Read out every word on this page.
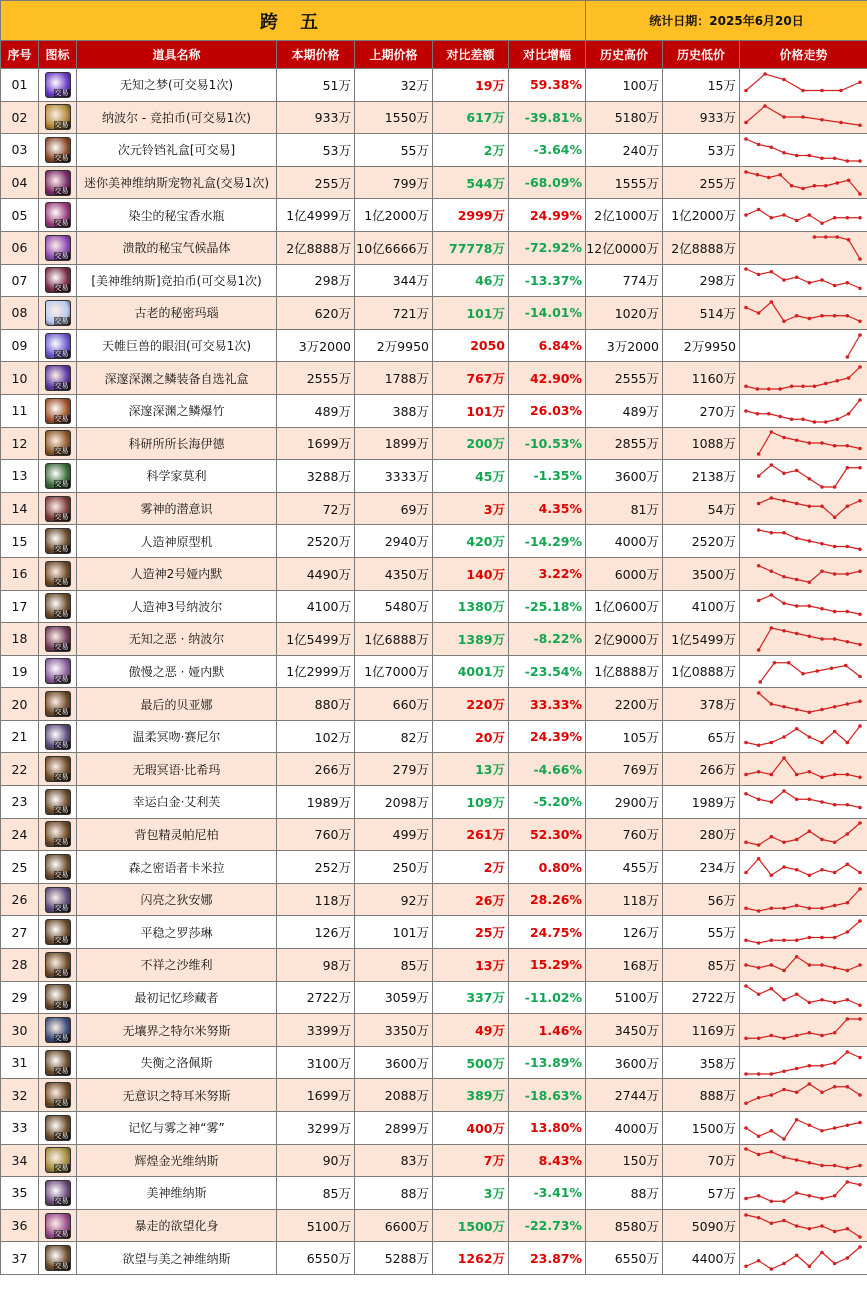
跨 五							统计日期：2025年6月20日		
序号	图标	道具名称	本期价格	上期价格	对比差额	对比增幅	历史高价	历史低价	价格走势
01	交易	无知之梦(可交易1次)	51万	32万	19万	59.38%	100万	15万	

02	交易	纳波尔 - 竞拍币(可交易1次)	933万	1550万	617万	-39.81%	5180万	933万	

03	交易	次元铃铛礼盒[可交易]	53万	55万	2万	-3.64%	240万	53万	

04	交易	迷你美神维纳斯宠物礼盒(交易1次)	255万	799万	544万	-68.09%	1555万	255万	

05	交易	染尘的秘宝香水瓶	1亿4999万	1亿2000万	2999万	24.99%	2亿1000万	1亿2000万	

06	交易	溃散的秘宝气候晶体	2亿8888万	10亿6666万	77778万	-72.92%	12亿0000万	2亿8888万	

07	交易	[美神维纳斯]竞拍币(可交易1次)	298万	344万	46万	-13.37%	774万	298万	

08	交易	古老的秘密玛瑙	620万	721万	101万	-14.01%	1020万	514万	

09	交易	天帷巨兽的眼泪(可交易1次)	3万2000	2万9950	2050	6.84%	3万2000	2万9950	

10	交易	深邃深渊之鳞装备自选礼盒	2555万	1788万	767万	42.90%	2555万	1160万	

11	交易	深邃深渊之鳞爆竹	489万	388万	101万	26.03%	489万	270万	

12	交易	科研所所长海伊德	1699万	1899万	200万	-10.53%	2855万	1088万	

13	交易	科学家莫利	3288万	3333万	45万	-1.35%	3600万	2138万	

14	交易	雾神的潜意识	72万	69万	3万	4.35%	81万	54万	

15	交易	人造神原型机	2520万	2940万	420万	-14.29%	4000万	2520万	

16	交易	人造神2号娅内默	4490万	4350万	140万	3.22%	6000万	3500万	

17	交易	人造神3号纳波尔	4100万	5480万	1380万	-25.18%	1亿0600万	4100万	

18	交易	无知之恶 · 纳波尔	1亿5499万	1亿6888万	1389万	-8.22%	2亿9000万	1亿5499万	

19	交易	傲慢之恶 · 娅内默	1亿2999万	1亿7000万	4001万	-23.54%	1亿8888万	1亿0888万	

20	交易	最后的贝亚娜	880万	660万	220万	33.33%	2200万	378万	

21	交易	温柔冥吻·赛尼尔	102万	82万	20万	24.39%	105万	65万	

22	交易	无瑕冥语·比希玛	266万	279万	13万	-4.66%	769万	266万	

23	交易	幸运白金·艾利芙	1989万	2098万	109万	-5.20%	2900万	1989万	

24	交易	背包精灵帕尼柏	760万	499万	261万	52.30%	760万	280万	

25	交易	森之密语者卡米拉	252万	250万	2万	0.80%	455万	234万	

26	交易	闪亮之狄安娜	118万	92万	26万	28.26%	118万	56万	

27	交易	平稳之罗莎琳	126万	101万	25万	24.75%	126万	55万	

28	交易	不祥之沙维利	98万	85万	13万	15.29%	168万	85万	

29	交易	最初记忆珍藏者	2722万	3059万	337万	-11.02%	5100万	2722万	

30	交易	无壤界之特尔米努斯	3399万	3350万	49万	1.46%	3450万	1169万	

31	交易	失衡之洛佩斯	3100万	3600万	500万	-13.89%	3600万	358万	

32	交易	无意识之特耳米努斯	1699万	2088万	389万	-18.63%	2744万	888万	

33	交易	记忆与雾之神“雾”	3299万	2899万	400万	13.80%	4000万	1500万	

34	交易	辉煌金光维纳斯	90万	83万	7万	8.43%	150万	70万	

35	交易	美神维纳斯	85万	88万	3万	-3.41%	88万	57万	

36	交易	暴走的欲望化身	5100万	6600万	1500万	-22.73%	8580万	5090万	

37	交易	欲望与美之神维纳斯	6550万	5288万	1262万	23.87%	6550万	4400万	
